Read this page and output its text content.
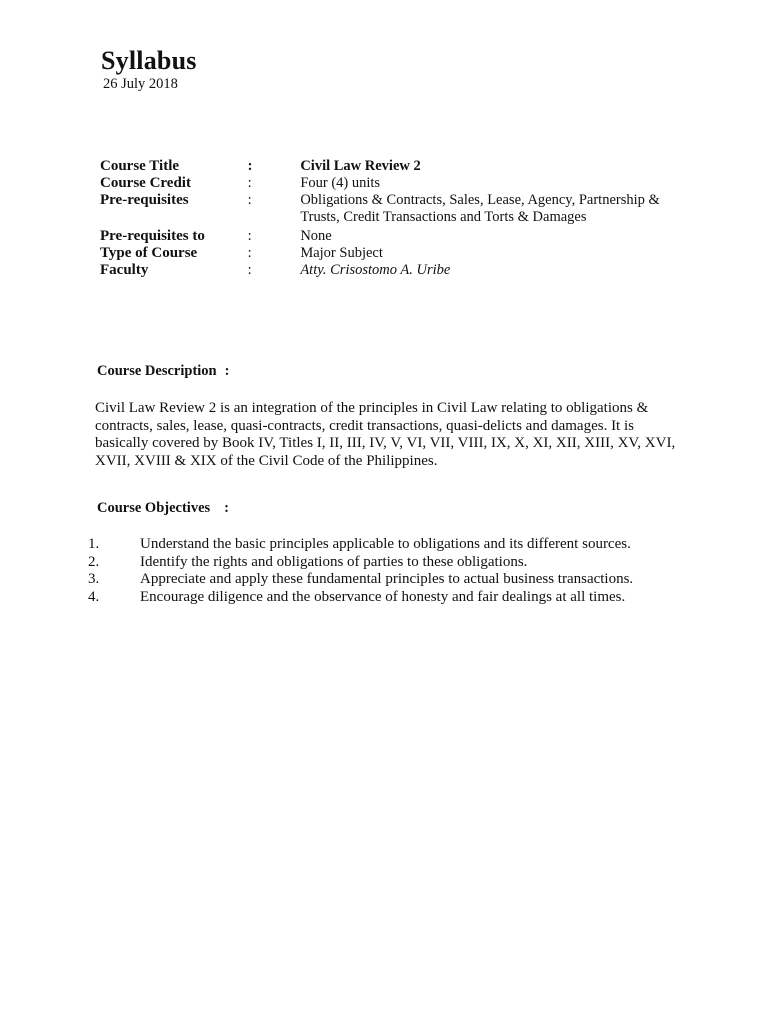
Syllabus
26 July 2018
Course Title	:	Civil Law Review 2
Course Credit	:	Four (4) units
Pre-requisites	:	Obligations & Contracts, Sales, Lease, Agency, Partnership & Trusts, Credit Transactions and Torts & Damages
Pre-requisites to	:	None
Type of Course	:	Major Subject
Faculty	:	Atty. Crisostomo A. Uribe
Course Description :

Civil Law Review 2 is an integration of the principles in Civil Law relating to obligations & contracts, sales, lease, quasi-contracts, credit transactions, quasi-delicts and damages. It is basically covered by Book IV, Titles I, II, III, IV, V, VI, VII, VIII, IX, X, XI, XII, XIII, XV, XVI, XVII, XVIII & XIX of the Civil Code of the Philippines.

Course Objectives :
1.	Understand the basic principles applicable to obligations and its different sources.
2.	Identify the rights and obligations of parties to these obligations.
3.	Appreciate and apply these fundamental principles to actual business transactions.
4.	Encourage diligence and the observance of honesty and fair dealings at all times.
